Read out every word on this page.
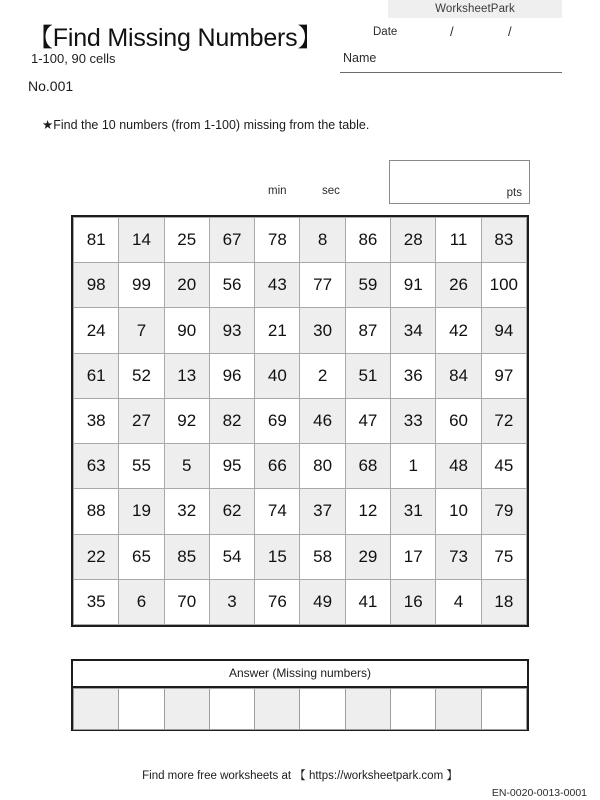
WorksheetPark
Date	/	/
Name
【Find Missing Numbers】
1-100, 90 cells
No.001
★Find the 10 numbers (from 1-100) missing from the table.
min	sec	pts
81	14	25	67	78	8	86	28	11	83
98	99	20	56	43	77	59	91	26	100
24	7	90	93	21	30	87	34	42	94
61	52	13	96	40	2	51	36	84	97
38	27	92	82	69	46	47	33	60	72
63	55	5	95	66	80	68	1	48	45
88	19	32	62	74	37	12	31	10	79
22	65	85	54	15	58	29	17	73	75
35	6	70	3	76	49	41	16	4	18
Answer (Missing numbers)

Find more free worksheets at 【 https://worksheetpark.com 】
EN-0020-0013-0001
